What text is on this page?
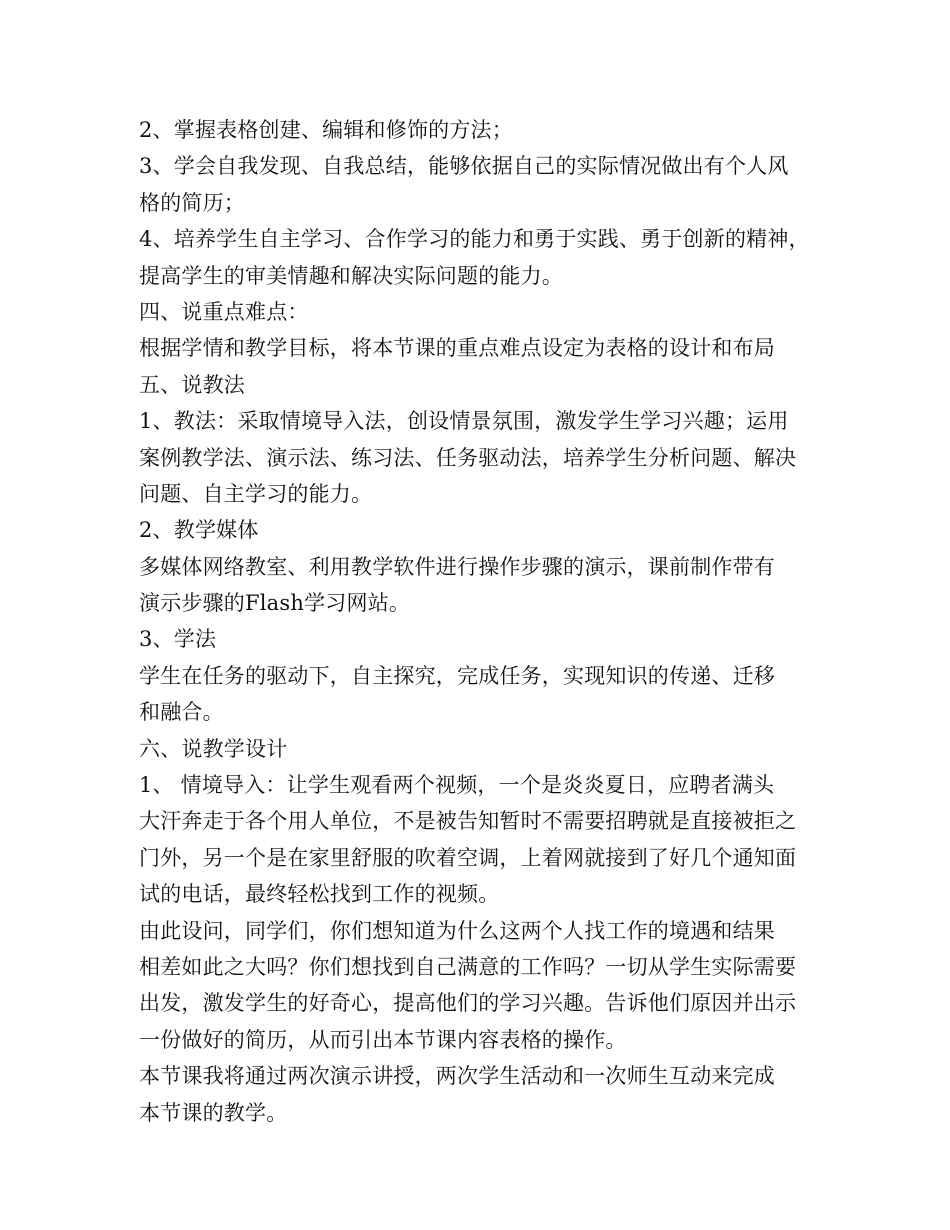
2、掌握表格创建、编辑和修饰的方法；
3、学会自我发现、自我总结，能够依据自己的实际情况做出有个人风
格的简历；
4、培养学生自主学习、合作学习的能力和勇于实践、勇于创新的精神，
提高学生的审美情趣和解决实际问题的能力。
四、说重点难点：
根据学情和教学目标，将本节课的重点难点设定为表格的设计和布局
五、说教法
1、教法：采取情境导入法，创设情景氛围，激发学生学习兴趣；运用
案例教学法、演示法、练习法、任务驱动法，培养学生分析问题、解决
问题、自主学习的能力。
2、教学媒体
多媒体网络教室、利用教学软件进行操作步骤的演示，课前制作带有
演示步骤的Flash学习网站。
3、学法
学生在任务的驱动下，自主探究，完成任务，实现知识的传递、迁移
和融合。
六、说教学设计
1、 情境导入：让学生观看两个视频，一个是炎炎夏日，应聘者满头
大汗奔走于各个用人单位，不是被告知暂时不需要招聘就是直接被拒之
门外，另一个是在家里舒服的吹着空调，上着网就接到了好几个通知面
试的电话，最终轻松找到工作的视频。
由此设问，同学们，你们想知道为什么这两个人找工作的境遇和结果
相差如此之大吗？你们想找到自己满意的工作吗？一切从学生实际需要
出发，激发学生的好奇心，提高他们的学习兴趣。告诉他们原因并出示
一份做好的简历，从而引出本节课内容表格的操作。
本节课我将通过两次演示讲授，两次学生活动和一次师生互动来完成
本节课的教学。
